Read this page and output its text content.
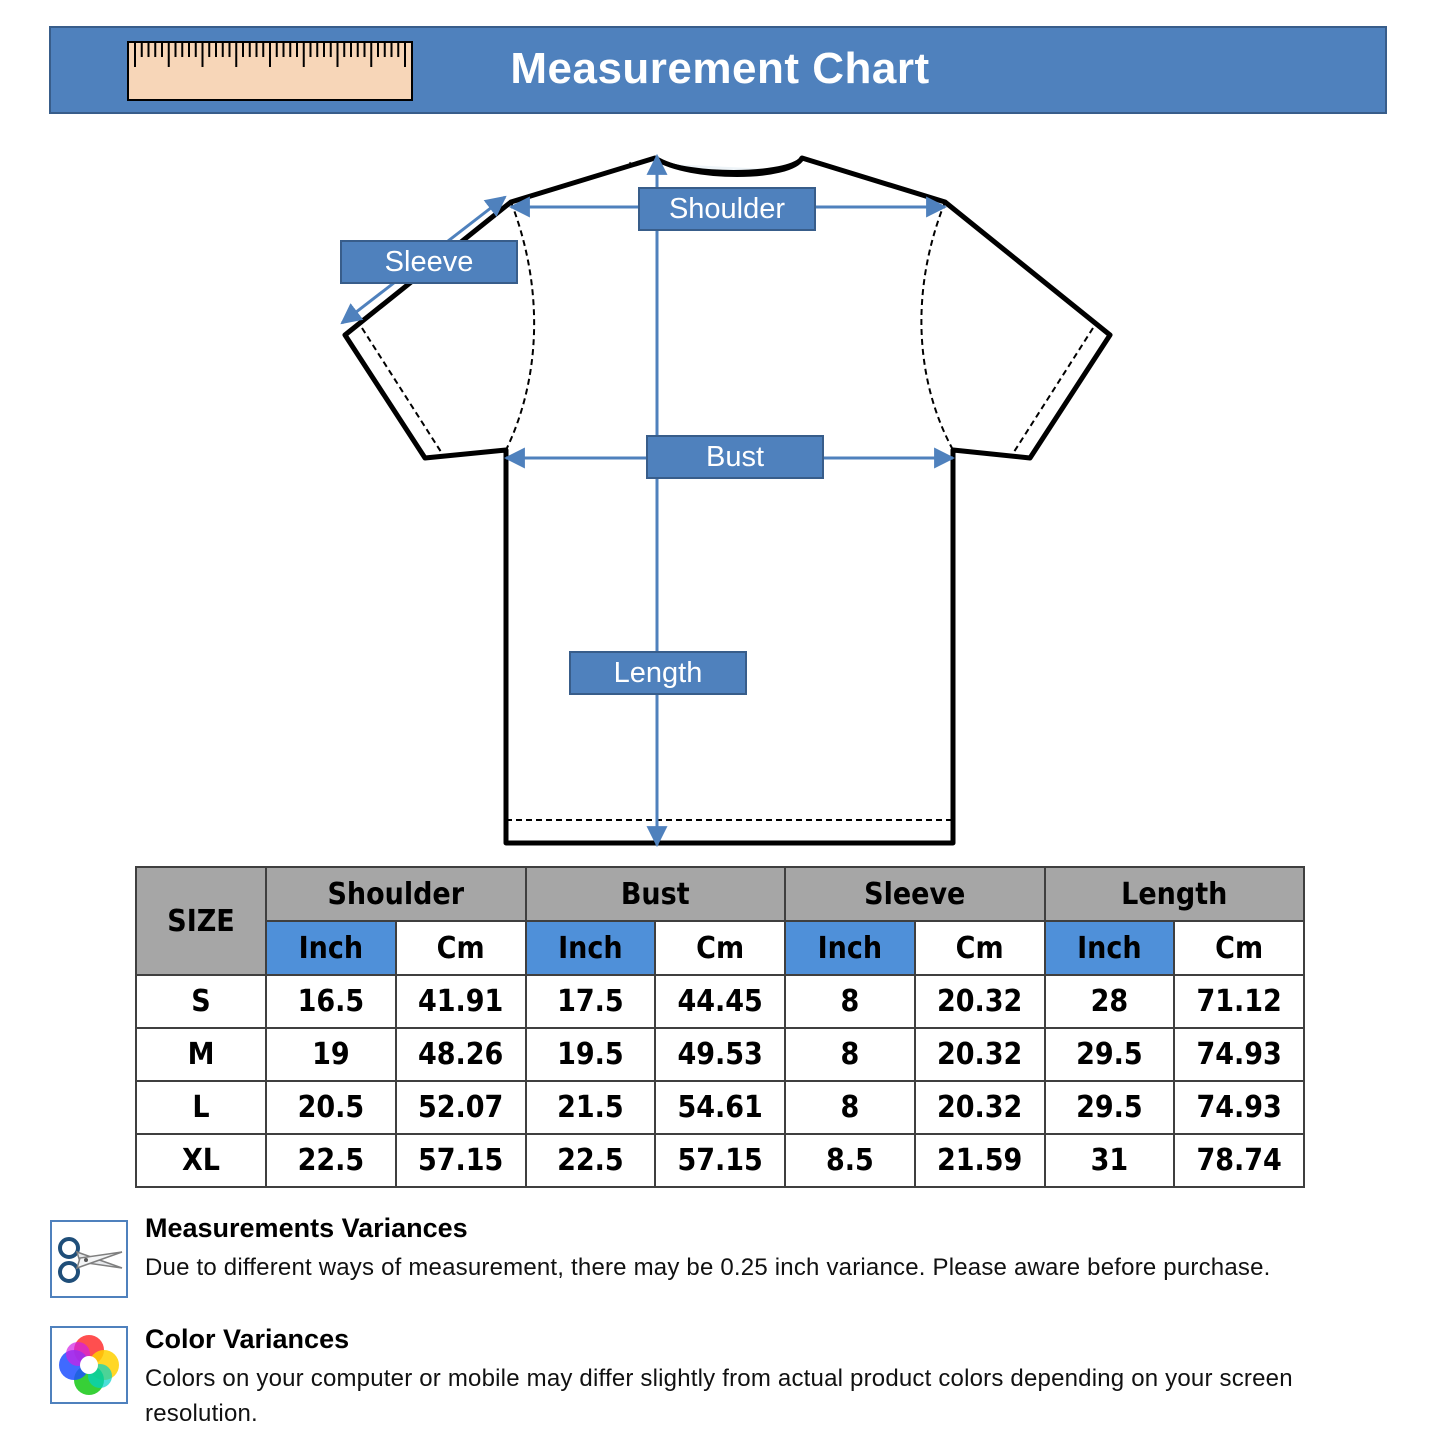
Measurement Chart
Shoulder
Sleeve
Bust
Length
SIZE	Shoulder		Bust		Sleeve		Length	
	Inch	Cm	Inch	Cm	Inch	Cm	Inch	Cm
S	16.5	41.91	17.5	44.45	8	20.32	28	71.12
M	19	48.26	19.5	49.53	8	20.32	29.5	74.93
L	20.5	52.07	21.5	54.61	8	20.32	29.5	74.93
XL	22.5	57.15	22.5	57.15	8.5	21.59	31	78.74
Measurements Variances
Due to different ways of measurement, there may be 0.25 inch variance. Please aware before purchase.
Color Variances
Colors on your computer or mobile may differ slightly from actual product colors depending on your screen resolution.
